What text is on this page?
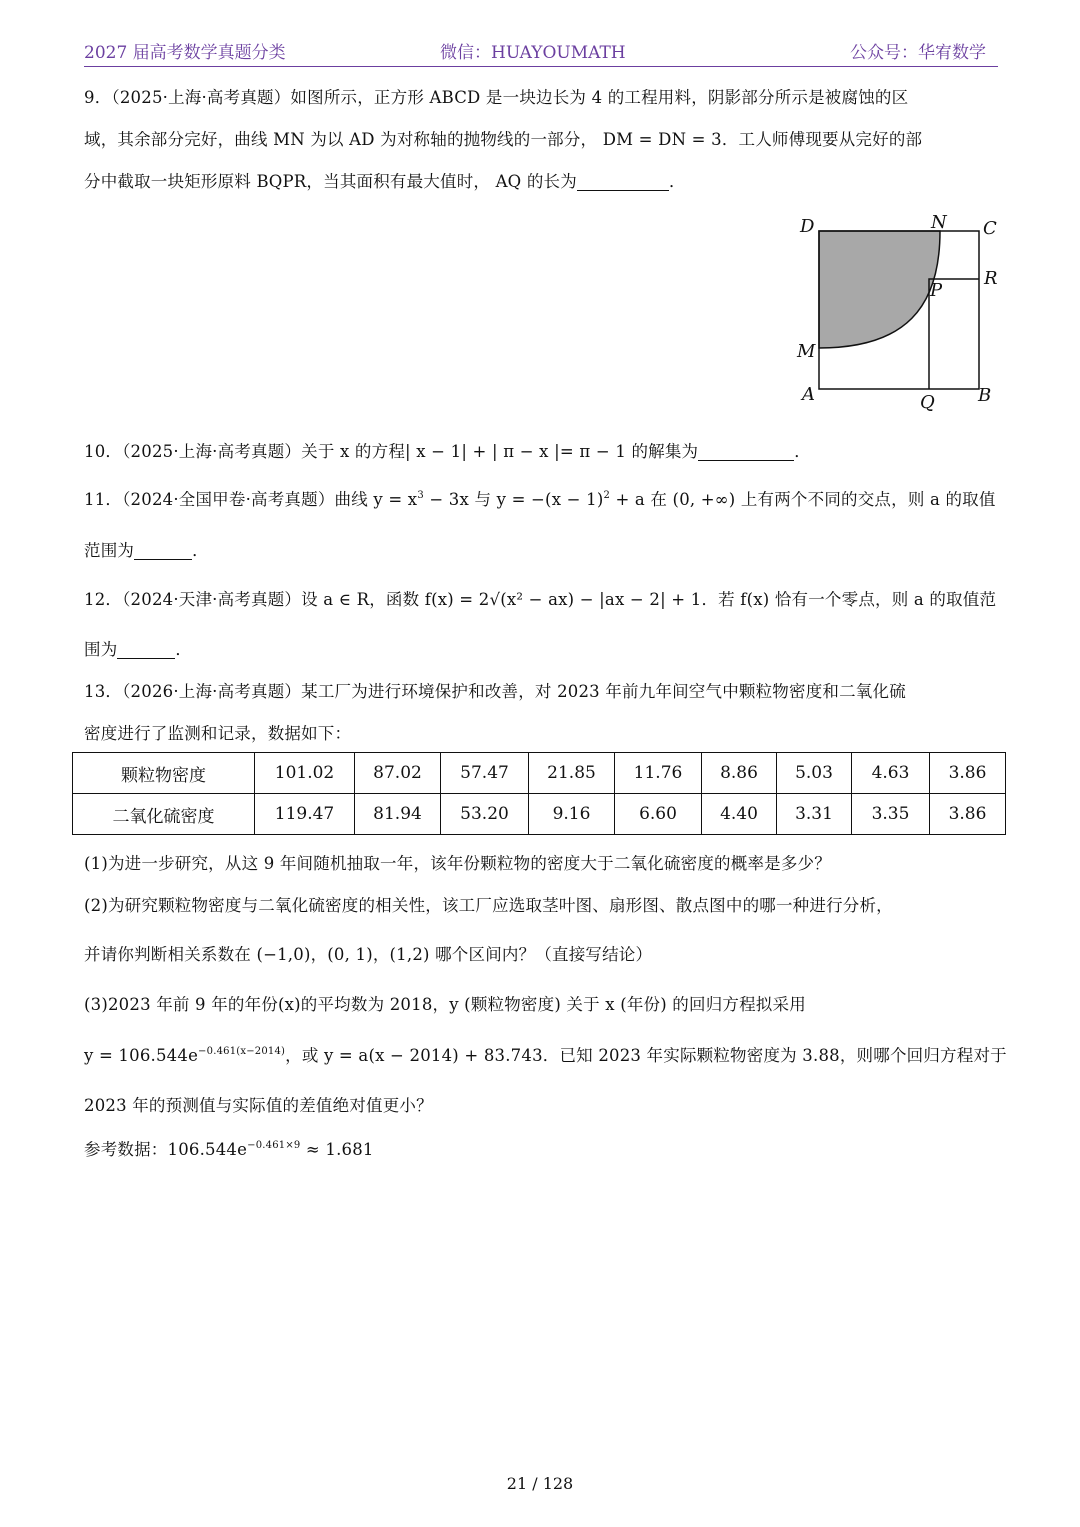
2027 届高考数学真题分类	微信：HUAYOUMATH	公众号：华宥数学
9．（2025·上海·高考真题）如图所示，正方形 ABCD 是一块边长为 4 的工程用料，阴影部分所示是被腐蚀的区
域，其余部分完好，曲线 MN 为以 AD 为对称轴的抛物线的一部分， DM = DN = 3．工人师傅现要从完好的部
分中截取一块矩形原料 BQPR，当其面积有最大值时， AQ 的长为	．
D	N C
R
P
M
A	Q B
10．（2025·上海·高考真题）关于 x 的方程| x − 1| + | π − x |= π − 1 的解集为	．
11．（2024·全国甲卷·高考真题）曲线 $y = x^3 - 3x$ 与 $y = -(x - 1)^2 + a$ 在 (0, +∞) 上有两个不同的交点，则 a 的取值
范围为	．
12．（2024·天津·高考真题）设 a ∈ R，函数 f(x) = 2√(x² − ax) − |ax − 2| + 1．若 f(x) 恰有一个零点，则 a 的取值范
围为	．
13．（2026·上海·高考真题）某工厂为进行环境保护和改善，对 2023 年前九年间空气中颗粒物密度和二氧化硫
密度进行了监测和记录，数据如下：
颗粒物密度	101.02	87.02	57.47	21.85	11.76	8.86	5.03	4.63	3.86
二氧化硫密度	119.47	81.94	53.20	9.16	6.60	4.40	3.31	3.35	3.86
(1)为进一步研究，从这 9 年间随机抽取一年，该年份颗粒物的密度大于二氧化硫密度的概率是多少？
(2)为研究颗粒物密度与二氧化硫密度的相关性，该工厂应选取茎叶图、扇形图、散点图中的哪一种进行分析，
并请你判断相关系数在 (−1,0)，(0, 1)，(1,2) 哪个区间内？（直接写结论）
(3)2023 年前 9 年的年份(x)的平均数为 2018，y (颗粒物密度) 关于 x (年份) 的回归方程拟采用
$y = 106.544e^{-0.461(x-2014)}$，或 y = a(x − 2014) + 83.743．已知 2023 年实际颗粒物密度为 3.88，则哪个回归方程对于
2023 年的预测值与实际值的差值绝对值更小？
参考数据：$106.544e^{-0.461\times 9} \approx 1.681$
21 / 128
